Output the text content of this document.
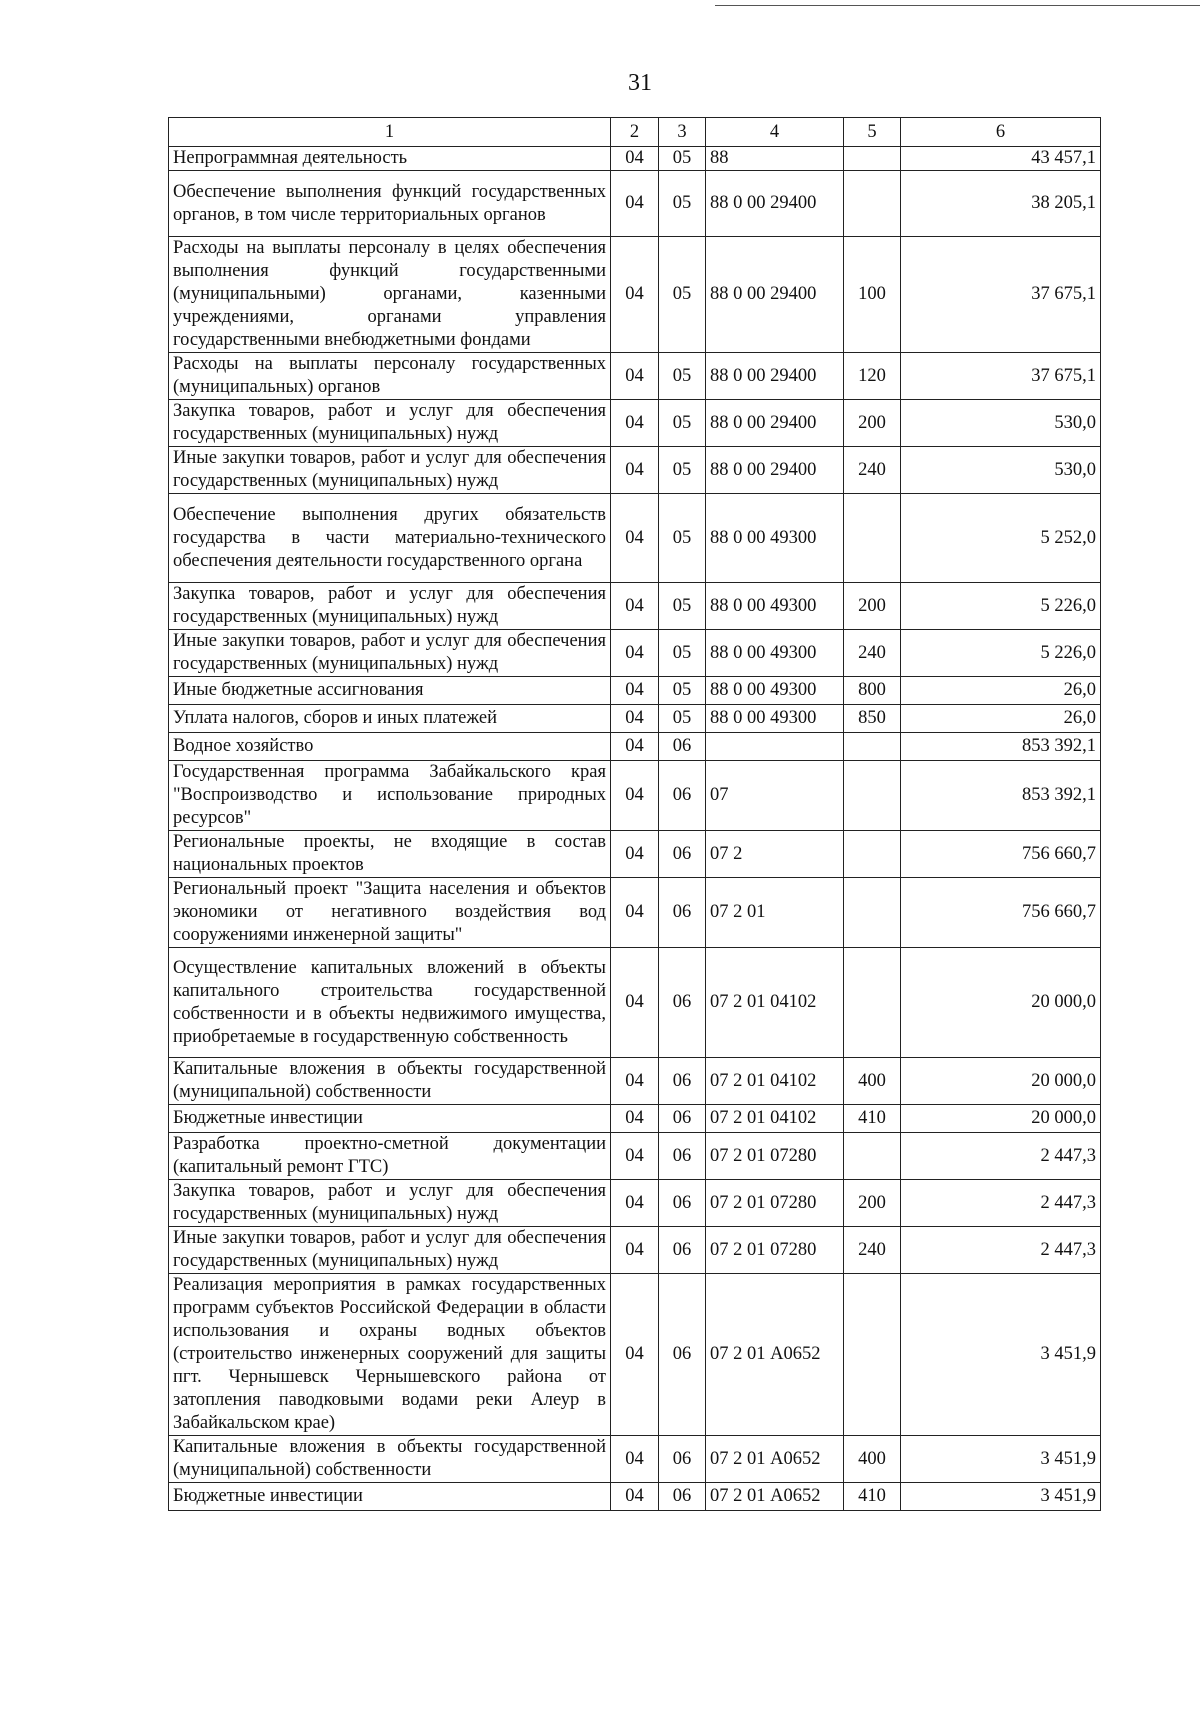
31
1	2	3	4	5	6
Непрограммная деятельность	04	05	88		43 457,1
Обеспечение выполнения функций государственных органов, в том числе территориальных органов	04	05	88 0 00 29400		38 205,1
Расходы на выплаты персоналу в целях обеспечения выполнения функций государственными (муниципальными) органами, казенными учреждениями, органами управления государственными внебюджетными фондами	04	05	88 0 00 29400	100	37 675,1
Расходы на выплаты персоналу государственных (муниципальных) органов	04	05	88 0 00 29400	120	37 675,1
Закупка товаров, работ и услуг для обеспечения государственных (муниципальных) нужд	04	05	88 0 00 29400	200	530,0
Иные закупки товаров, работ и услуг для обеспечения государственных (муниципальных) нужд	04	05	88 0 00 29400	240	530,0
Обеспечение выполнения других обязательств государства в части материально-технического обеспечения деятельности государственного органа	04	05	88 0 00 49300		5 252,0
Закупка товаров, работ и услуг для обеспечения государственных (муниципальных) нужд	04	05	88 0 00 49300	200	5 226,0
Иные закупки товаров, работ и услуг для обеспечения государственных (муниципальных) нужд	04	05	88 0 00 49300	240	5 226,0
Иные бюджетные ассигнования	04	05	88 0 00 49300	800	26,0
Уплата налогов, сборов и иных платежей	04	05	88 0 00 49300	850	26,0
Водное хозяйство	04	06			853 392,1
Государственная программа Забайкальского края "Воспроизводство и использование природных ресурсов"	04	06	07		853 392,1
Региональные проекты, не входящие в состав национальных проектов	04	06	07 2		756 660,7
Региональный проект "Защита населения и объектов экономики от негативного воздействия вод сооружениями инженерной защиты"	04	06	07 2 01		756 660,7
Осуществление капитальных вложений в объекты капитального строительства государственной собственности и в объекты недвижимого имущества, приобретаемые в государственную собственность	04	06	07 2 01 04102		20 000,0
Капитальные вложения в объекты государственной (муниципальной) собственности	04	06	07 2 01 04102	400	20 000,0
Бюджетные инвестиции	04	06	07 2 01 04102	410	20 000,0
Разработка проектно-сметной документации (капитальный ремонт ГТС)	04	06	07 2 01 07280		2 447,3
Закупка товаров, работ и услуг для обеспечения государственных (муниципальных) нужд	04	06	07 2 01 07280	200	2 447,3
Иные закупки товаров, работ и услуг для обеспечения государственных (муниципальных) нужд	04	06	07 2 01 07280	240	2 447,3
Реализация мероприятия в рамках государственных программ субъектов Российской Федерации в области использования и охраны водных объектов (строительство инженерных сооружений для защиты пгт. Чернышевск Чернышевского района от затопления паводковыми водами реки Алеур в Забайкальском крае)	04	06	07 2 01 А0652		3 451,9
Капитальные вложения в объекты государственной (муниципальной) собственности	04	06	07 2 01 А0652	400	3 451,9
Бюджетные инвестиции	04	06	07 2 01 А0652	410	3 451,9
